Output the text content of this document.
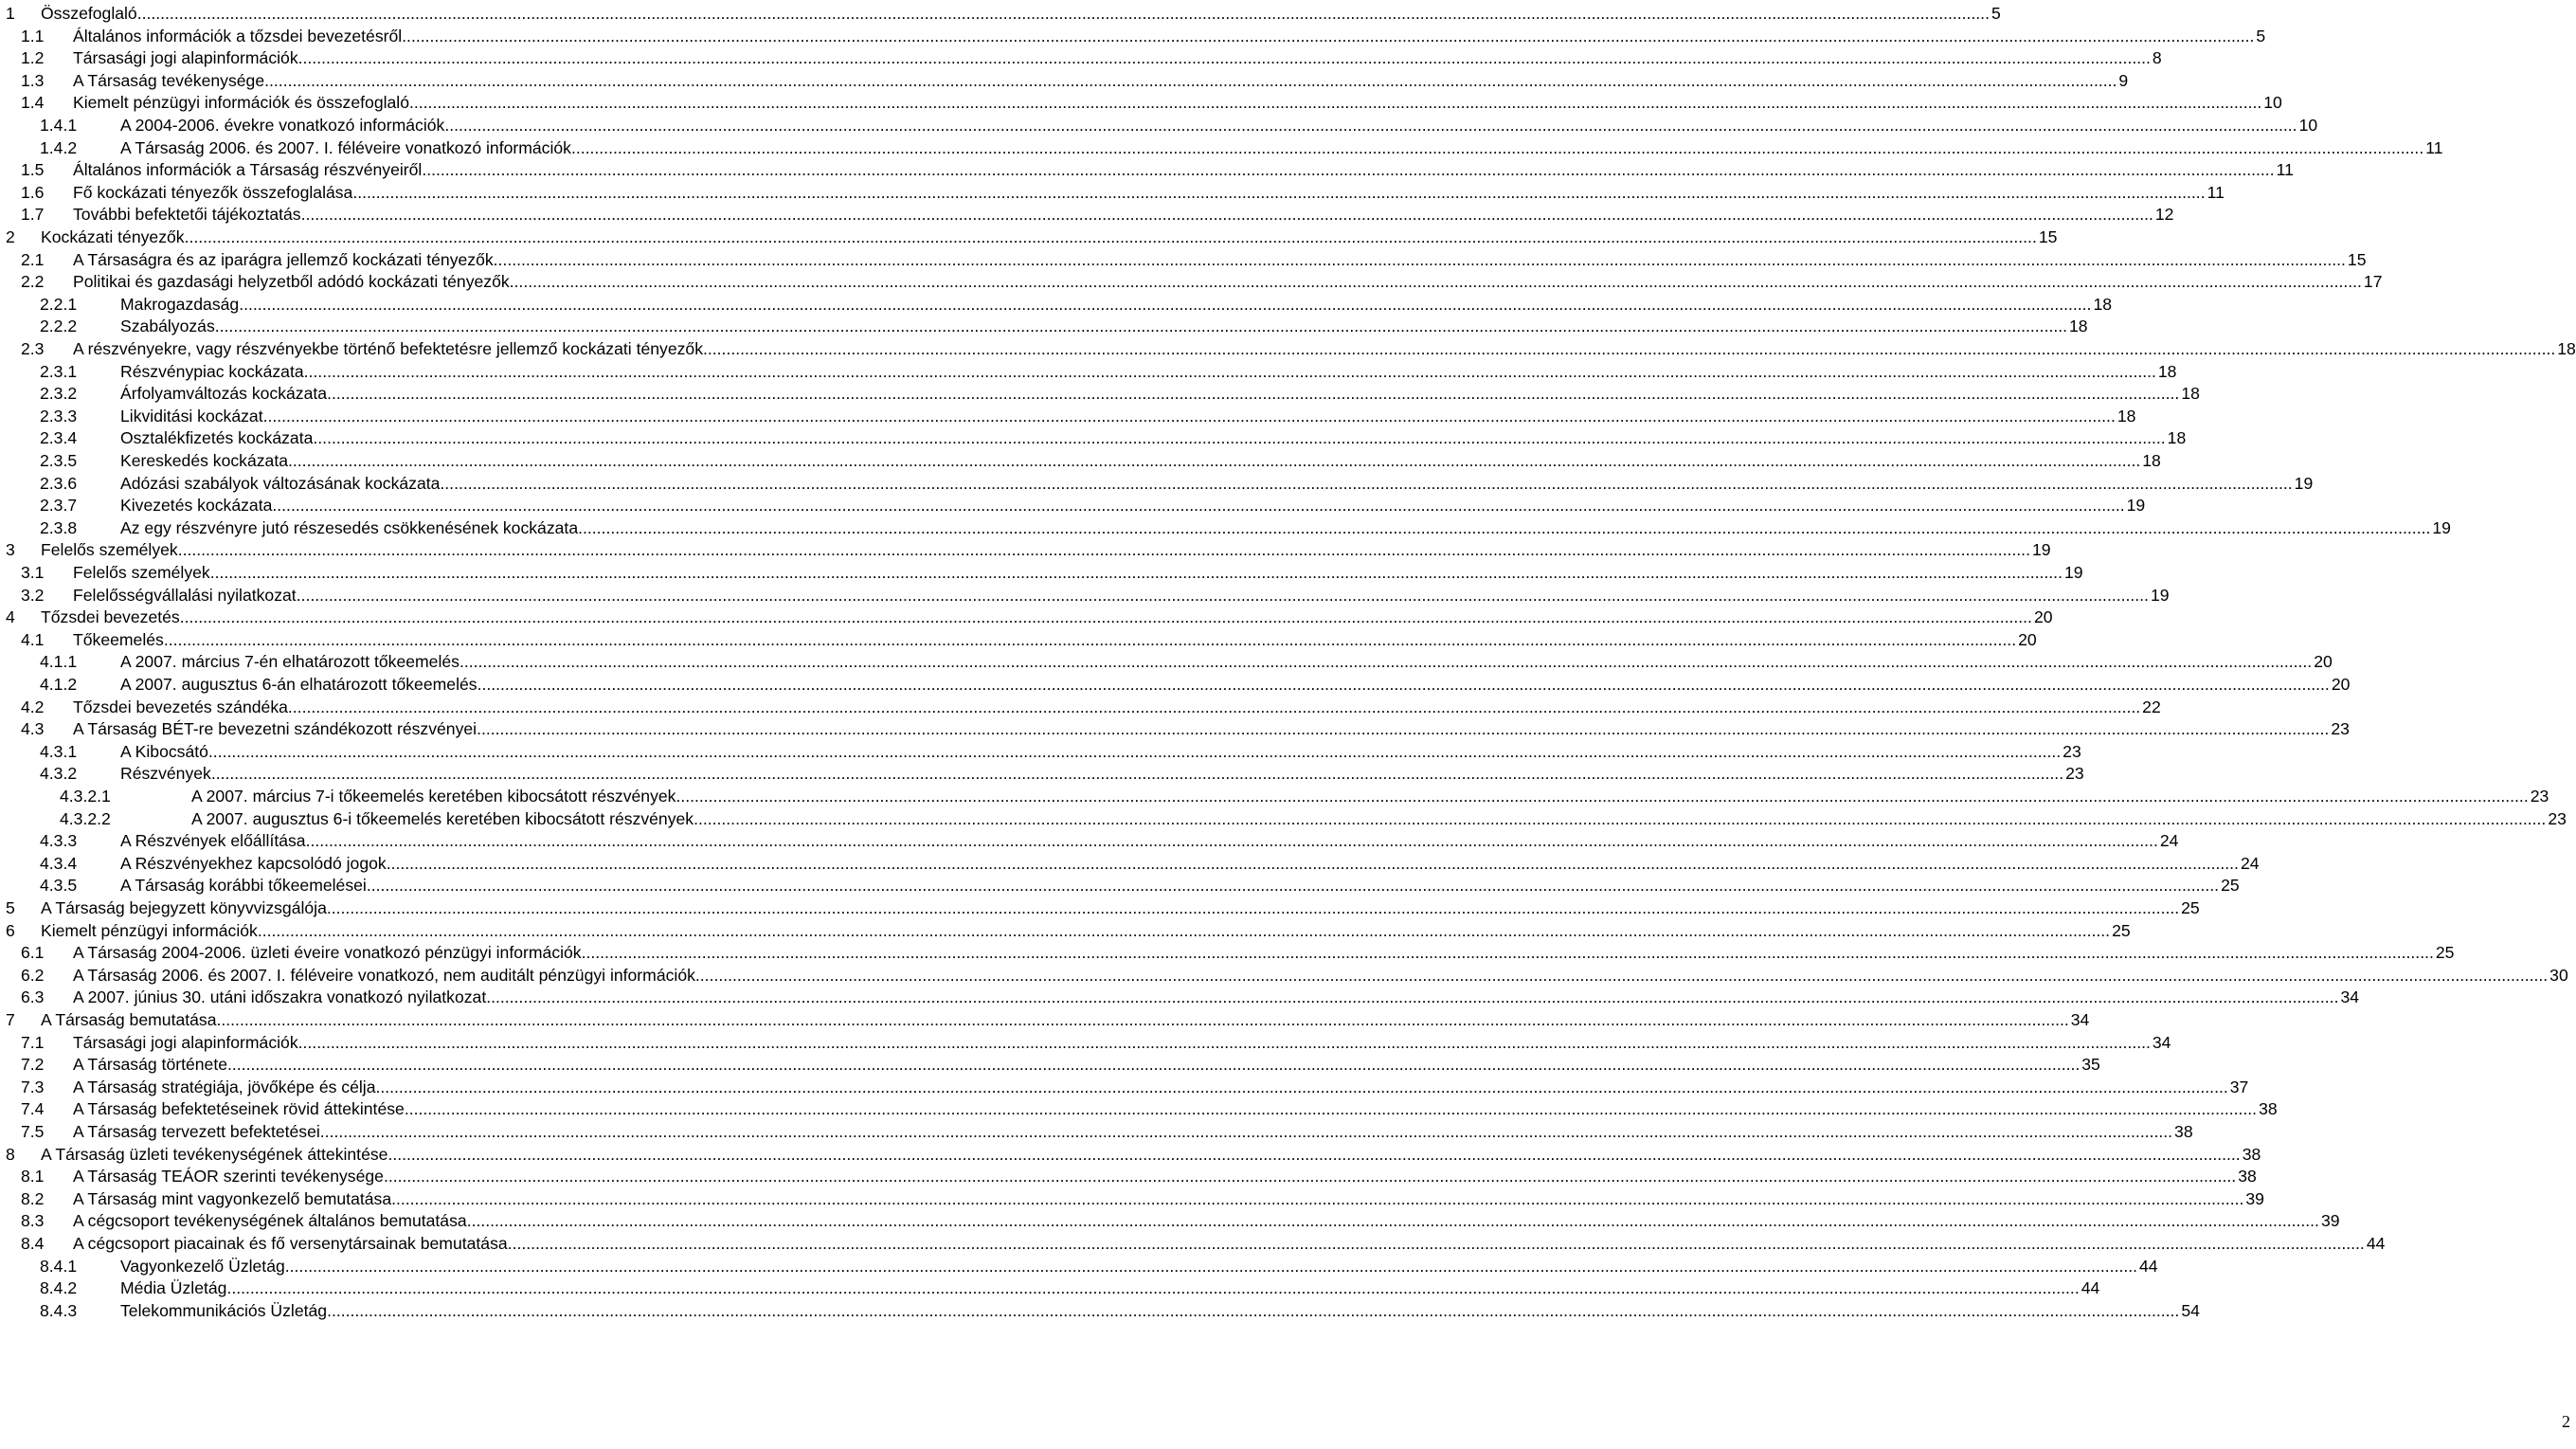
1 Összefoglaló ................................................................................................................................................................................................................................................................................................................................................................................................................ 5
1.1 Általános információk a tőzsdei bevezetésről ................................................................................................................................................................................................................................................................................................................................................................................................................ 5
1.2 Társasági jogi alapinformációk ................................................................................................................................................................................................................................................................................................................................................................................................................ 8
1.3 A Társaság tevékenysége ................................................................................................................................................................................................................................................................................................................................................................................................................ 9
1.4 Kiemelt pénzügyi információk és összefoglaló ................................................................................................................................................................................................................................................................................................................................................................................................................ 10
1.4.1	A 2004-2006. évekre vonatkozó információk ................................................................................................................................................................................................................................................................................................................................................................................................................ 10
1.4.2	A Társaság 2006. és 2007. I. féléveire vonatkozó információk ................................................................................................................................................................................................................................................................................................................................................................................................................ 11
1.5 Általános információk a Társaság részvényeiről ................................................................................................................................................................................................................................................................................................................................................................................................................ 11
1.6 Fő kockázati tényezők összefoglalása ................................................................................................................................................................................................................................................................................................................................................................................................................ 11
1.7 További befektetői tájékoztatás ................................................................................................................................................................................................................................................................................................................................................................................................................ 12
2 Kockázati tényezők ................................................................................................................................................................................................................................................................................................................................................................................................................ 15
2.1 A Társaságra és az iparágra jellemző kockázati tényezők ................................................................................................................................................................................................................................................................................................................................................................................................................ 15
2.2 Politikai és gazdasági helyzetből adódó kockázati tényezők ................................................................................................................................................................................................................................................................................................................................................................................................................ 17
2.2.1	Makrogazdaság ................................................................................................................................................................................................................................................................................................................................................................................................................ 18
2.2.2	Szabályozás ................................................................................................................................................................................................................................................................................................................................................................................................................ 18
2.3 A részvényekre, vagy részvényekbe történő befektetésre jellemző kockázati tényezők ................................................................................................................................................................................................................................................................................................................................................................................................................ 18
2.3.1	Részvénypiac kockázata ................................................................................................................................................................................................................................................................................................................................................................................................................ 18
2.3.2	Árfolyamváltozás kockázata ................................................................................................................................................................................................................................................................................................................................................................................................................ 18
2.3.3	Likviditási kockázat ................................................................................................................................................................................................................................................................................................................................................................................................................ 18
2.3.4	Osztalékfizetés kockázata ................................................................................................................................................................................................................................................................................................................................................................................................................ 18
2.3.5	Kereskedés kockázata ................................................................................................................................................................................................................................................................................................................................................................................................................ 18
2.3.6	Adózási szabályok változásának kockázata ................................................................................................................................................................................................................................................................................................................................................................................................................ 19
2.3.7	Kivezetés kockázata ................................................................................................................................................................................................................................................................................................................................................................................................................ 19
2.3.8	Az egy részvényre jutó részesedés csökkenésének kockázata ................................................................................................................................................................................................................................................................................................................................................................................................................ 19
3 Felelős személyek ................................................................................................................................................................................................................................................................................................................................................................................................................ 19
3.1 Felelős személyek ................................................................................................................................................................................................................................................................................................................................................................................................................ 19
3.2 Felelősségvállalási nyilatkozat ................................................................................................................................................................................................................................................................................................................................................................................................................ 19
4 Tőzsdei bevezetés ................................................................................................................................................................................................................................................................................................................................................................................................................ 20
4.1 Tőkeemelés ................................................................................................................................................................................................................................................................................................................................................................................................................ 20
4.1.1	A 2007. március 7-én elhatározott tőkeemelés ................................................................................................................................................................................................................................................................................................................................................................................................................ 20
4.1.2	A 2007. augusztus 6-án elhatározott tőkeemelés ................................................................................................................................................................................................................................................................................................................................................................................................................ 20
4.2 Tőzsdei bevezetés szándéka ................................................................................................................................................................................................................................................................................................................................................................................................................ 22
4.3 A Társaság BÉT-re bevezetni szándékozott részvényei ................................................................................................................................................................................................................................................................................................................................................................................................................ 23
4.3.1	A Kibocsátó ................................................................................................................................................................................................................................................................................................................................................................................................................ 23
4.3.2	Részvények ................................................................................................................................................................................................................................................................................................................................................................................................................ 23
4.3.2.1	A 2007. március 7-i tőkeemelés keretében kibocsátott részvények ................................................................................................................................................................................................................................................................................................................................................................................................................ 23
4.3.2.2	A 2007. augusztus 6-i tőkeemelés keretében kibocsátott részvények ................................................................................................................................................................................................................................................................................................................................................................................................................ 23
4.3.3	A Részvények előállítása ................................................................................................................................................................................................................................................................................................................................................................................................................ 24
4.3.4	A Részvényekhez kapcsolódó jogok ................................................................................................................................................................................................................................................................................................................................................................................................................ 24
4.3.5	A Társaság korábbi tőkeemelései ................................................................................................................................................................................................................................................................................................................................................................................................................ 25
5 A Társaság bejegyzett könyvvizsgálója ................................................................................................................................................................................................................................................................................................................................................................................................................ 25
6 Kiemelt pénzügyi információk ................................................................................................................................................................................................................................................................................................................................................................................................................ 25
6.1 A Társaság 2004-2006. üzleti éveire vonatkozó pénzügyi információk ................................................................................................................................................................................................................................................................................................................................................................................................................ 25
6.2 A Társaság 2006. és 2007. I. féléveire vonatkozó, nem auditált pénzügyi információk ................................................................................................................................................................................................................................................................................................................................................................................................................ 30
6.3 A 2007. június 30. utáni időszakra vonatkozó nyilatkozat ................................................................................................................................................................................................................................................................................................................................................................................................................ 34
7 A Társaság bemutatása ................................................................................................................................................................................................................................................................................................................................................................................................................ 34
7.1 Társasági jogi alapinformációk ................................................................................................................................................................................................................................................................................................................................................................................................................ 34
7.2 A Társaság története ................................................................................................................................................................................................................................................................................................................................................................................................................ 35
7.3 A Társaság stratégiája, jövőképe és célja ................................................................................................................................................................................................................................................................................................................................................................................................................ 37
7.4 A Társaság befektetéseinek rövid áttekintése ................................................................................................................................................................................................................................................................................................................................................................................................................ 38
7.5 A Társaság tervezett befektetései ................................................................................................................................................................................................................................................................................................................................................................................................................ 38
8 A Társaság üzleti tevékenységének áttekintése ................................................................................................................................................................................................................................................................................................................................................................................................................ 38
8.1 A Társaság TEÁOR szerinti tevékenysége ................................................................................................................................................................................................................................................................................................................................................................................................................ 38
8.2 A Társaság mint vagyonkezelő bemutatása ................................................................................................................................................................................................................................................................................................................................................................................................................ 39
8.3 A cégcsoport tevékenységének általános bemutatása ................................................................................................................................................................................................................................................................................................................................................................................................................ 39
8.4 A cégcsoport piacainak és fő versenytársainak bemutatása. ................................................................................................................................................................................................................................................................................................................................................................................................................ 44
8.4.1	Vagyonkezelő Üzletág ................................................................................................................................................................................................................................................................................................................................................................................................................ 44
8.4.2	Média Üzletág ................................................................................................................................................................................................................................................................................................................................................................................................................ 44
8.4.3	Telekommunikációs Üzletág ................................................................................................................................................................................................................................................................................................................................................................................................................ 54
2
